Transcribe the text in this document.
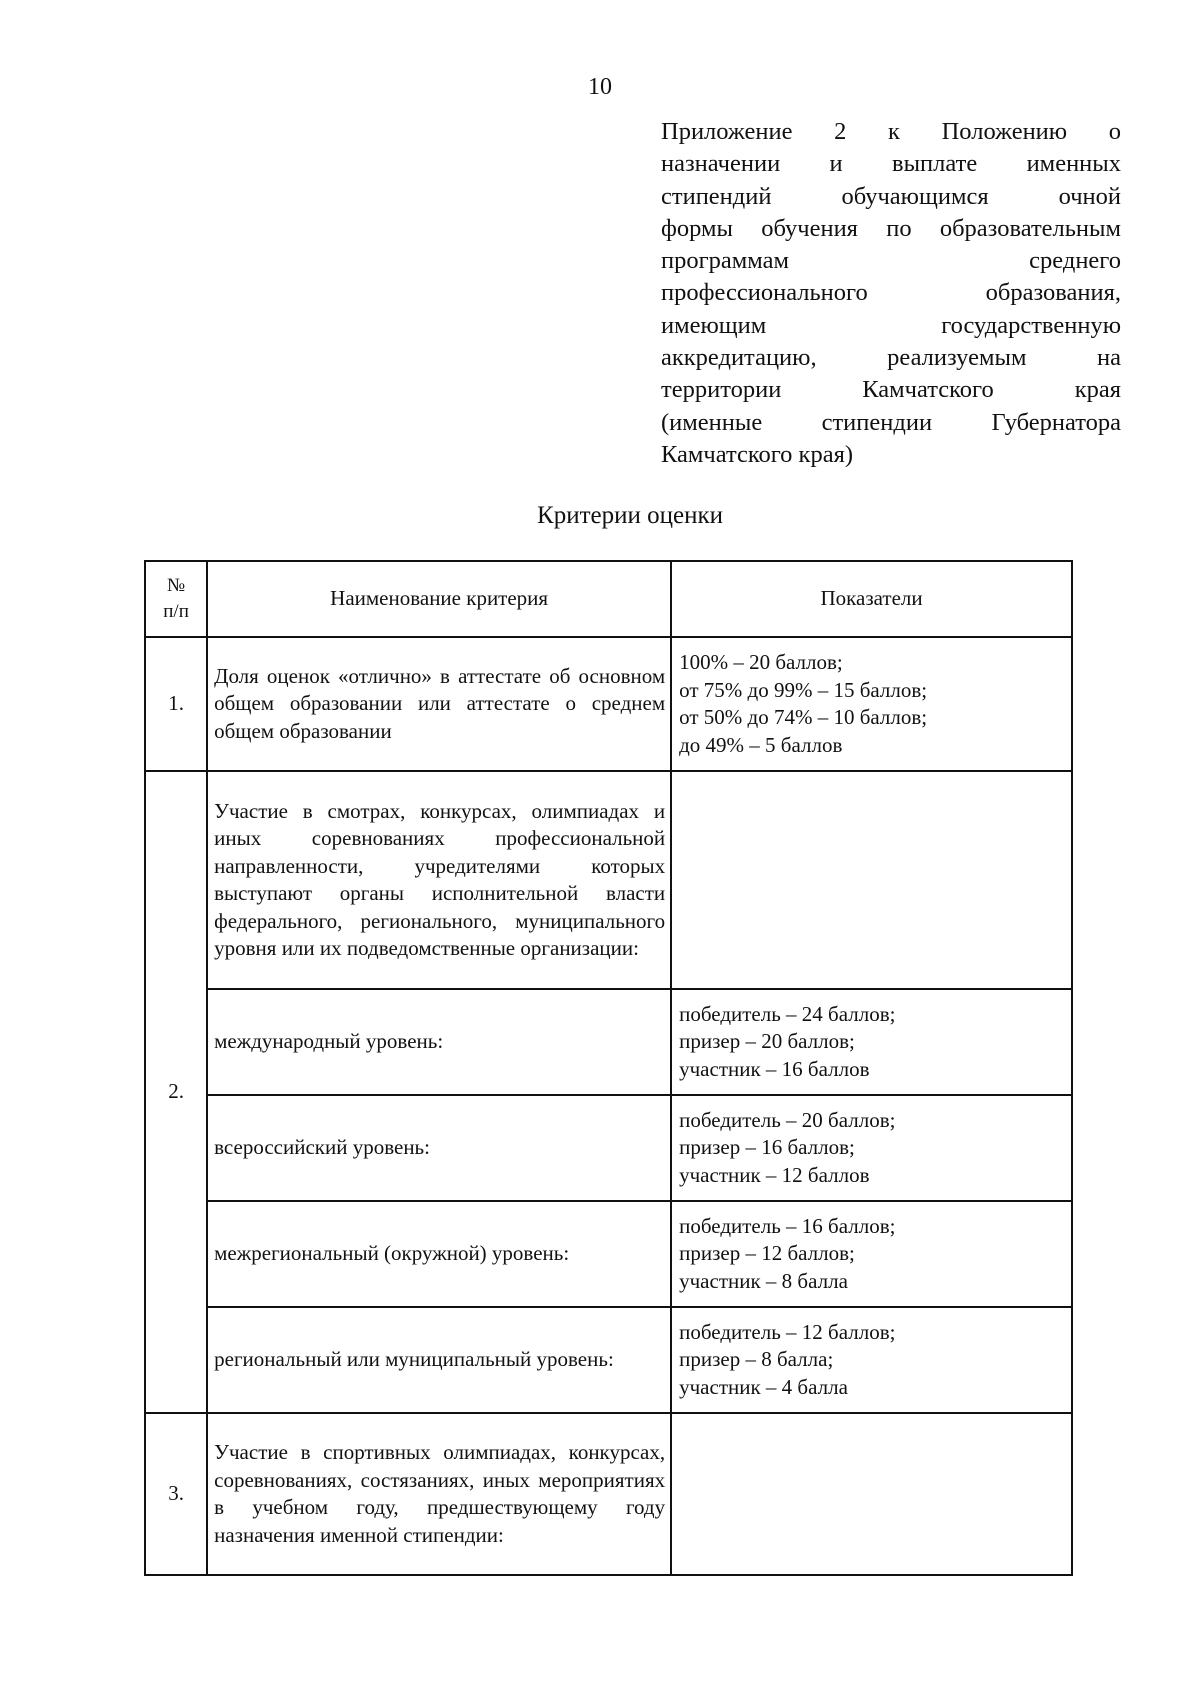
10
Приложение 2 к Положению о
назначении и выплате именных
стипендий обучающимся очной
формы обучения по образовательным
программам среднего
профессионального образования,
имеющим государственную
аккредитацию, реализуемым на
территории Камчатского края
(именные стипендии Губернатора
Камчатского края)
Критерии оценки
№ п/п	Наименование критерия	Показатели
1.	Доля оценок «отлично» в аттестате об основном общем образовании или аттестате о среднем общем образовании	100% – 20 баллов;
от 75% до 99% – 15 баллов;
от 50% до 74% – 10 баллов;
до 49% – 5 баллов

2.	Участие в смотрах, конкурсах, олимпиадах и иных соревнованиях профессиональной направленности, учредителями которых выступают органы исполнительной власти федерального, регионального, муниципального уровня или их подведомственные организации:	

	международный уровень:	победитель – 24 баллов;
призер – 20 баллов;
участник – 16 баллов

	всероссийский уровень:	победитель – 20 баллов;
призер – 16 баллов;
участник – 12 баллов

	межрегиональный (окружной) уровень:	победитель – 16 баллов;
призер – 12 баллов;
участник – 8 балла

	региональный или муниципальный уровень:	победитель – 12 баллов;
призер – 8 балла;
участник – 4 балла

3.	Участие в спортивных олимпиадах, конкурсах, соревнованиях, состязаниях, иных мероприятиях в учебном году, предшествующему году назначения именной стипендии:	
